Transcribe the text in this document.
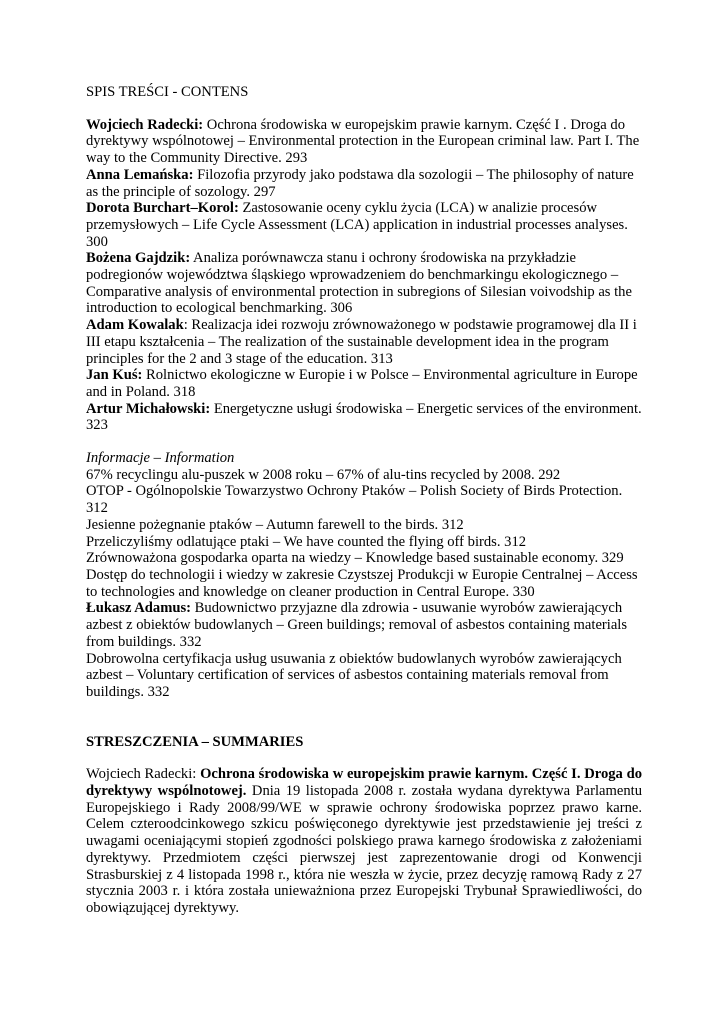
SPIS TREŚCI - CONTENS

Wojciech Radecki: Ochrona środowiska w europejskim prawie karnym. Część I . Droga do dyrektywy wspólnotowej – Environmental protection in the European criminal law. Part I. The way to the Community Directive. 293

Anna Lemańska: Filozofia przyrody jako podstawa dla sozologii – The philosophy of nature as the principle of sozology. 297

Dorota Burchart–Korol: Zastosowanie oceny cyklu życia (LCA) w analizie procesów przemysłowych – Life Cycle Assessment (LCA) application in industrial processes analyses. 300

Bożena Gajdzik: Analiza porównawcza stanu i ochrony środowiska na przykładzie podregionów województwa śląskiego wprowadzeniem do benchmarkingu ekologicznego – Comparative analysis of environmental protection in subregions of Silesian voivodship as the introduction to ecological benchmarking. 306

Adam Kowalak: Realizacja idei rozwoju zrównoważonego w podstawie programowej dla II i III etapu kształcenia – The realization of the sustainable development idea in the program principles for the 2 and 3 stage of the education. 313

Jan Kuś: Rolnictwo ekologiczne w Europie i w Polsce – Environmental agriculture in Europe and in Poland. 318

Artur Michałowski: Energetyczne usługi środowiska – Energetic services of the environment. 323

Informacje – Information

67% recyclingu alu-puszek w 2008 roku – 67% of alu-tins recycled by 2008. 292

OTOP - Ogólnopolskie Towarzystwo Ochrony Ptaków – Polish Society of Birds Protection. 312

Jesienne pożegnanie ptaków – Autumn farewell to the birds. 312

Przeliczyliśmy odlatujące ptaki – We have counted the flying off birds. 312

Zrównoważona gospodarka oparta na wiedzy – Knowledge based sustainable economy. 329

Dostęp do technologii i wiedzy w zakresie Czystszej Produkcji w Europie Centralnej – Access to technologies and knowledge on cleaner production in Central Europe. 330

Łukasz Adamus: Budownictwo przyjazne dla zdrowia - usuwanie wyrobów zawierających azbest z obiektów budowlanych – Green buildings; removal of asbestos containing materials from buildings. 332

Dobrowolna certyfikacja usług usuwania z obiektów budowlanych wyrobów zawierających azbest – Voluntary certification of services of asbestos containing materials removal from buildings. 332

STRESZCZENIA – SUMMARIES

Wojciech Radecki: Ochrona środowiska w europejskim prawie karnym. Część I. Droga do dyrektywy wspólnotowej. Dnia 19 listopada 2008 r. została wydana dyrektywa Parlamentu Europejskiego i Rady 2008/99/WE w sprawie ochrony środowiska poprzez prawo karne. Celem czteroodcinkowego szkicu poświęconego dyrektywie jest przedstawienie jej treści z uwagami oceniającymi stopień zgodności polskiego prawa karnego środowiska z założeniami dyrektywy. Przedmiotem części pierwszej jest zaprezentowanie drogi od Konwencji Strasburskiej z 4 listopada 1998 r., która nie weszła w życie, przez decyzję ramową Rady z 27 stycznia 2003 r. i która została unieważniona przez Europejski Trybunał Sprawiedliwości, do obowiązującej dyrektywy.
